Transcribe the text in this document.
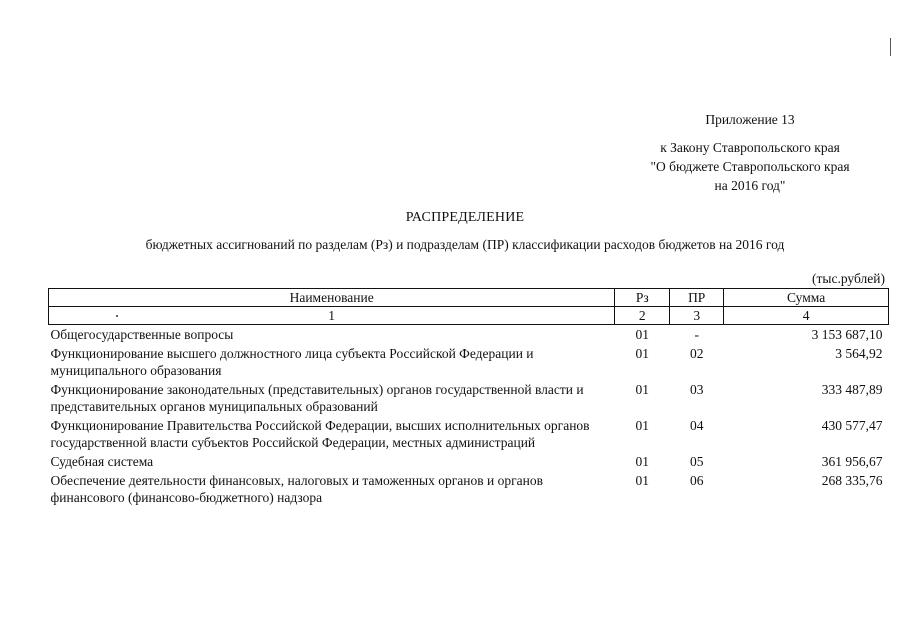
Приложение 13
к Закону Ставропольского края
"О бюджете Ставропольского края
на 2016 год"
РАСПРЕДЕЛЕНИЕ
бюджетных ассигнований по разделам (Рз) и подразделам (ПР) классификации расходов бюджетов на 2016 год
(тыс.рублей)
Наименование	Рз	ПР	Сумма
1	2	3	4
Общегосударственные вопросы	01	-	3 153 687,10
Функционирование высшего должностного лица субъекта Российской Федерации и муниципального образования	01	02	3 564,92
Функционирование законодательных (представительных) органов государственной власти и представительных органов муниципальных образований	01	03	333 487,89
Функционирование Правительства Российской Федерации, высших исполнительных органов государственной власти субъектов Российской Федерации, местных администраций	01	04	430 577,47
Судебная система	01	05	361 956,67
Обеспечение деятельности финансовых, налоговых и таможенных органов и органов финансового (финансово-бюджетного) надзора	01	06	268 335,76
